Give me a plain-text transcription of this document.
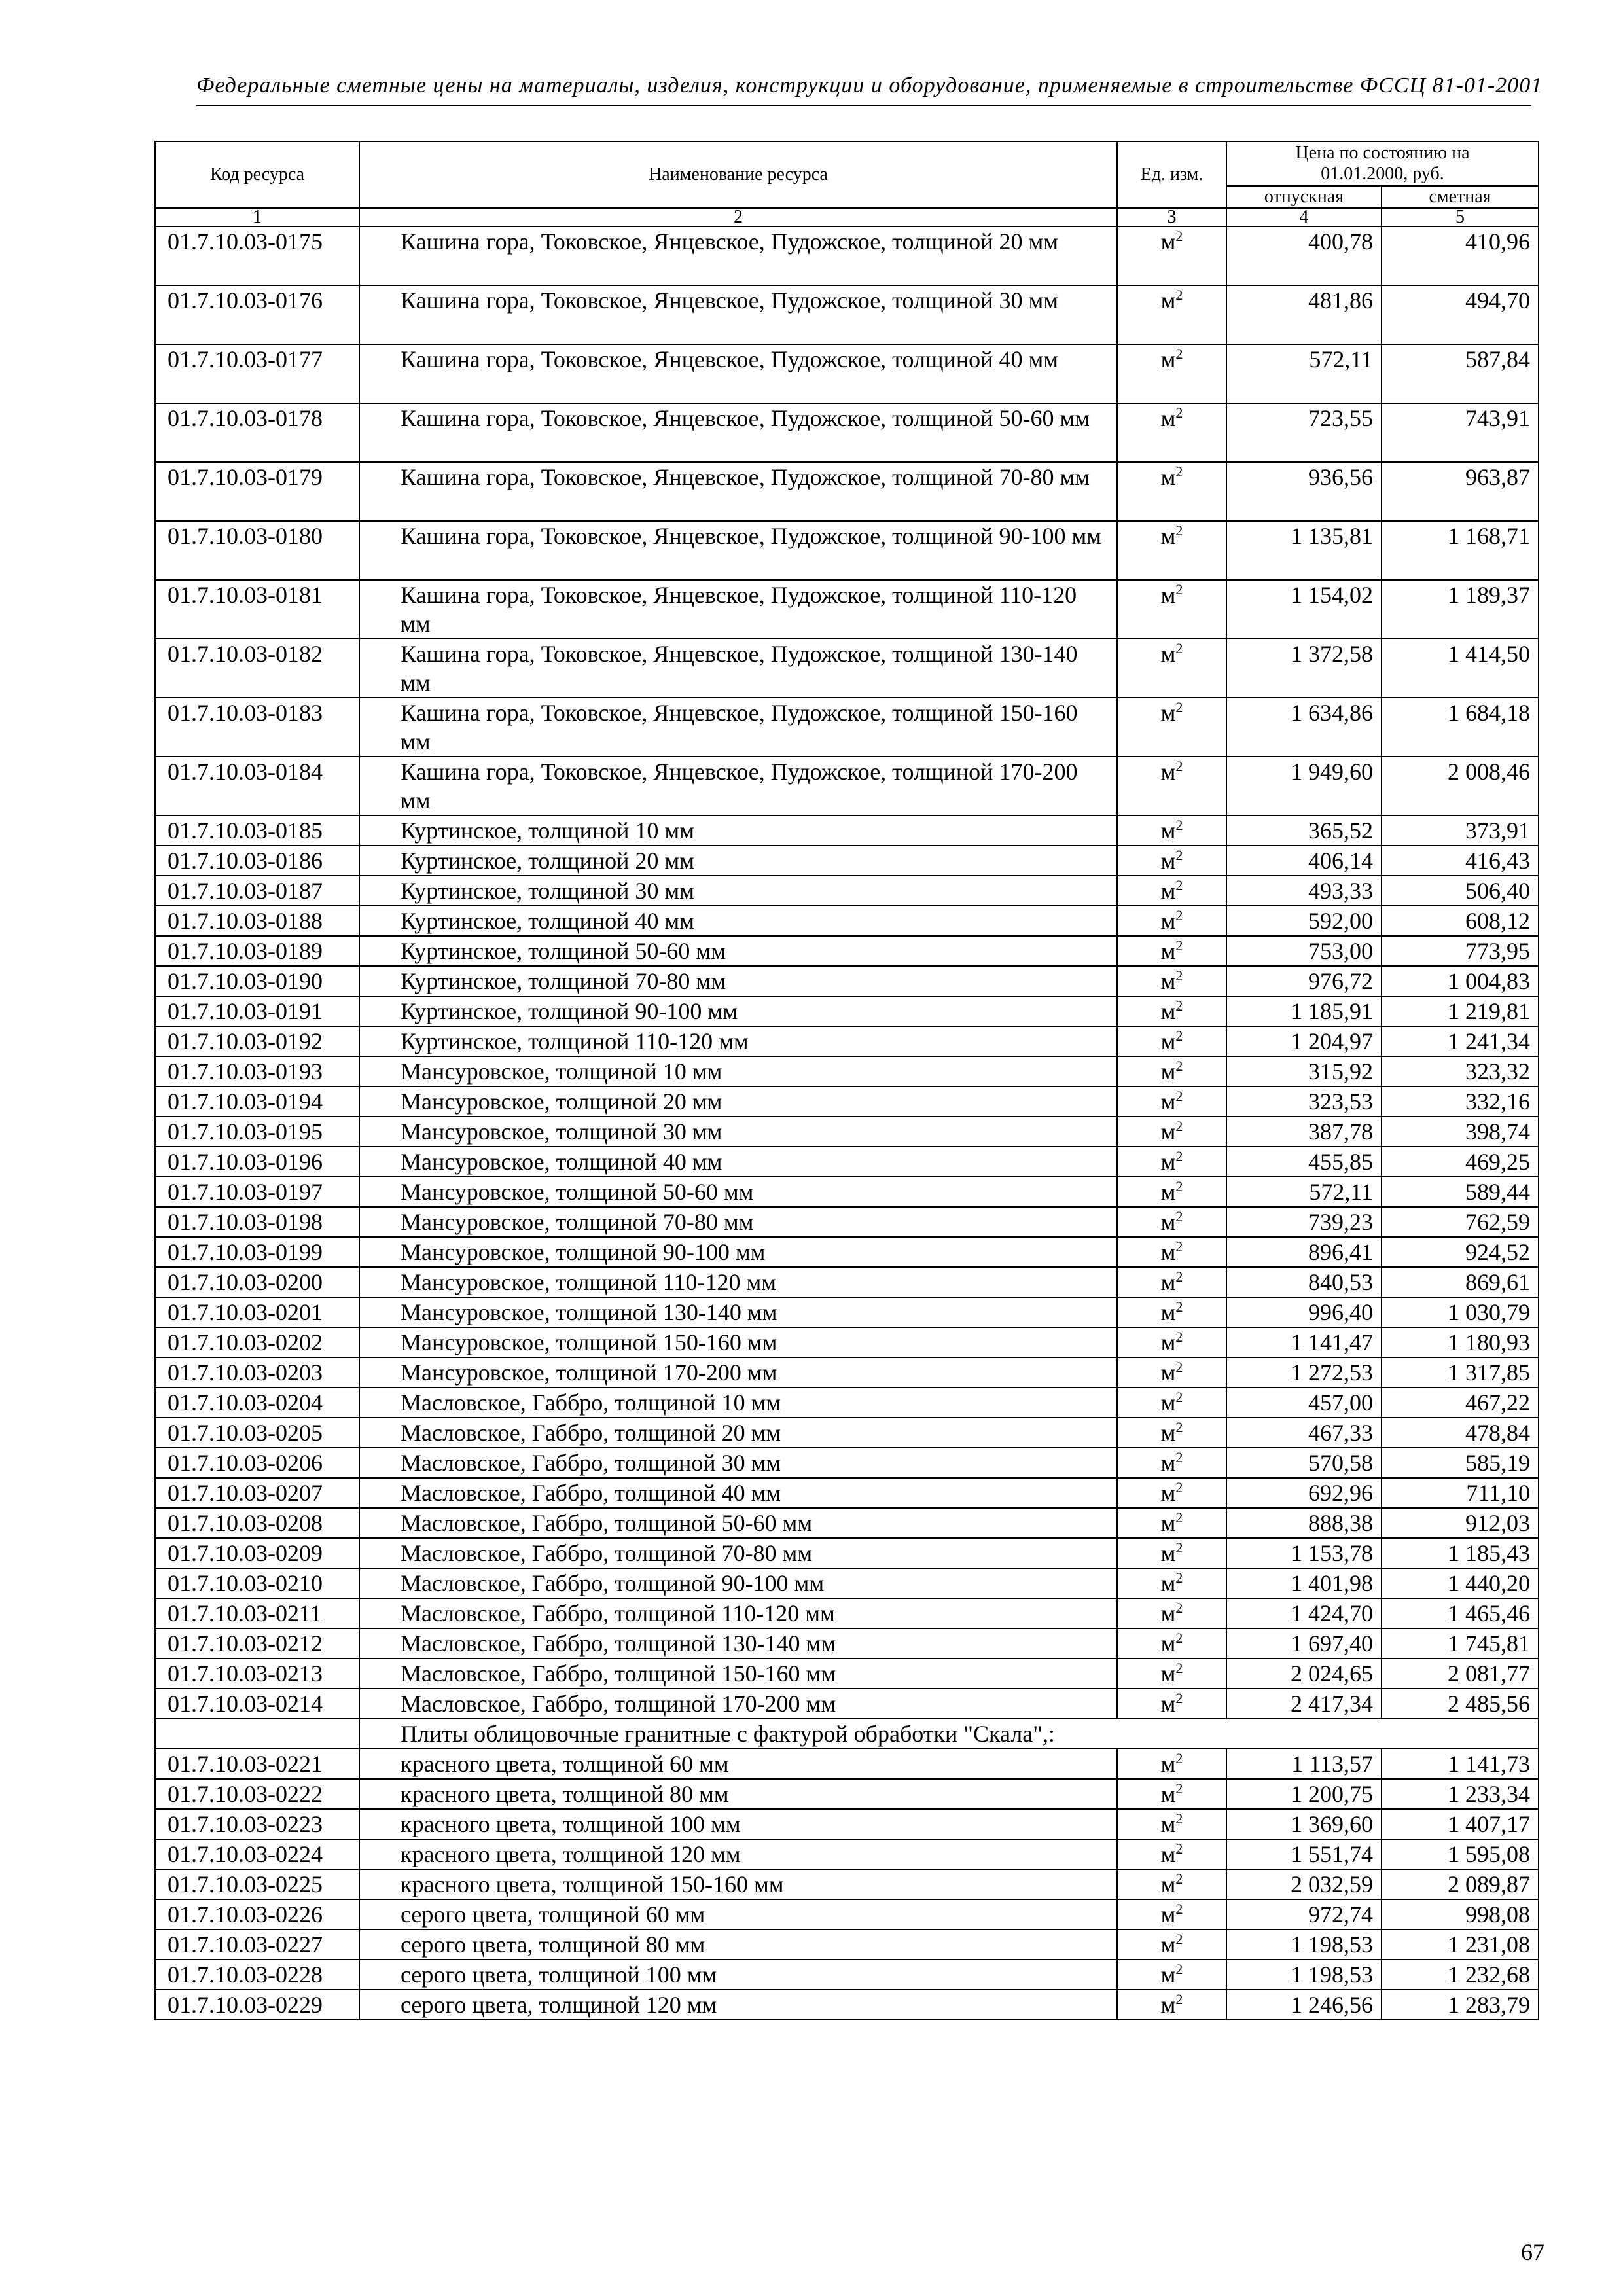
Федеральные сметные цены на материалы, изделия, конструкции и оборудование, применяемые в строительстве ФССЦ 81-01-2001
Код ресурса	Наименование ресурса	Ед. изм.	Цена по состоянию на 01.01.2000, руб.	
			отпускная	сметная
1	2	3	4	5
01.7.10.03-0175	Кашина гора, Токовское, Янцевское, Пудожское, толщиной 20 мм	$м^2$	400,78	410,96
01.7.10.03-0176	Кашина гора, Токовское, Янцевское, Пудожское, толщиной 30 мм	$м^2$	481,86	494,70
01.7.10.03-0177	Кашина гора, Токовское, Янцевское, Пудожское, толщиной 40 мм	$м^2$	572,11	587,84
01.7.10.03-0178	Кашина гора, Токовское, Янцевское, Пудожское, толщиной 50-60 мм	$м^2$	723,55	743,91
01.7.10.03-0179	Кашина гора, Токовское, Янцевское, Пудожское, толщиной 70-80 мм	$м^2$	936,56	963,87
01.7.10.03-0180	Кашина гора, Токовское, Янцевское, Пудожское, толщиной 90-100 мм	$м^2$	1 135,81	1 168,71
01.7.10.03-0181	Кашина гора, Токовское, Янцевское, Пудожское, толщиной 110-120 мм	$м^2$	1 154,02	1 189,37
01.7.10.03-0182	Кашина гора, Токовское, Янцевское, Пудожское, толщиной 130-140 мм	$м^2$	1 372,58	1 414,50
01.7.10.03-0183	Кашина гора, Токовское, Янцевское, Пудожское, толщиной 150-160 мм	$м^2$	1 634,86	1 684,18
01.7.10.03-0184	Кашина гора, Токовское, Янцевское, Пудожское, толщиной 170-200 мм	$м^2$	1 949,60	2 008,46
01.7.10.03-0185	Куртинское, толщиной 10 мм	$м^2$	365,52	373,91
01.7.10.03-0186	Куртинское, толщиной 20 мм	$м^2$	406,14	416,43
01.7.10.03-0187	Куртинское, толщиной 30 мм	$м^2$	493,33	506,40
01.7.10.03-0188	Куртинское, толщиной 40 мм	$м^2$	592,00	608,12
01.7.10.03-0189	Куртинское, толщиной 50-60 мм	$м^2$	753,00	773,95
01.7.10.03-0190	Куртинское, толщиной 70-80 мм	$м^2$	976,72	1 004,83
01.7.10.03-0191	Куртинское, толщиной 90-100 мм	$м^2$	1 185,91	1 219,81
01.7.10.03-0192	Куртинское, толщиной 110-120 мм	$м^2$	1 204,97	1 241,34
01.7.10.03-0193	Мансуровское, толщиной 10 мм	$м^2$	315,92	323,32
01.7.10.03-0194	Мансуровское, толщиной 20 мм	$м^2$	323,53	332,16
01.7.10.03-0195	Мансуровское, толщиной 30 мм	$м^2$	387,78	398,74
01.7.10.03-0196	Мансуровское, толщиной 40 мм	$м^2$	455,85	469,25
01.7.10.03-0197	Мансуровское, толщиной 50-60 мм	$м^2$	572,11	589,44
01.7.10.03-0198	Мансуровское, толщиной 70-80 мм	$м^2$	739,23	762,59
01.7.10.03-0199	Мансуровское, толщиной 90-100 мм	$м^2$	896,41	924,52
01.7.10.03-0200	Мансуровское, толщиной 110-120 мм	$м^2$	840,53	869,61
01.7.10.03-0201	Мансуровское, толщиной 130-140 мм	$м^2$	996,40	1 030,79
01.7.10.03-0202	Мансуровское, толщиной 150-160 мм	$м^2$	1 141,47	1 180,93
01.7.10.03-0203	Мансуровское, толщиной 170-200 мм	$м^2$	1 272,53	1 317,85
01.7.10.03-0204	Масловское, Габбро, толщиной 10 мм	$м^2$	457,00	467,22
01.7.10.03-0205	Масловское, Габбро, толщиной 20 мм	$м^2$	467,33	478,84
01.7.10.03-0206	Масловское, Габбро, толщиной 30 мм	$м^2$	570,58	585,19
01.7.10.03-0207	Масловское, Габбро, толщиной 40 мм	$м^2$	692,96	711,10
01.7.10.03-0208	Масловское, Габбро, толщиной 50-60 мм	$м^2$	888,38	912,03
01.7.10.03-0209	Масловское, Габбро, толщиной 70-80 мм	$м^2$	1 153,78	1 185,43
01.7.10.03-0210	Масловское, Габбро, толщиной 90-100 мм	$м^2$	1 401,98	1 440,20
01.7.10.03-0211	Масловское, Габбро, толщиной 110-120 мм	$м^2$	1 424,70	1 465,46
01.7.10.03-0212	Масловское, Габбро, толщиной 130-140 мм	$м^2$	1 697,40	1 745,81
01.7.10.03-0213	Масловское, Габбро, толщиной 150-160 мм	$м^2$	2 024,65	2 081,77
01.7.10.03-0214	Масловское, Габбро, толщиной 170-200 мм	$м^2$	2 417,34	2 485,56
	Плиты облицовочные гранитные с фактурой обработки "Скала",:			
01.7.10.03-0221	красного цвета, толщиной 60 мм	$м^2$	1 113,57	1 141,73
01.7.10.03-0222	красного цвета, толщиной 80 мм	$м^2$	1 200,75	1 233,34
01.7.10.03-0223	красного цвета, толщиной 100 мм	$м^2$	1 369,60	1 407,17
01.7.10.03-0224	красного цвета, толщиной 120 мм	$м^2$	1 551,74	1 595,08
01.7.10.03-0225	красного цвета, толщиной 150-160 мм	$м^2$	2 032,59	2 089,87
01.7.10.03-0226	серого цвета, толщиной 60 мм	$м^2$	972,74	998,08
01.7.10.03-0227	серого цвета, толщиной 80 мм	$м^2$	1 198,53	1 231,08
01.7.10.03-0228	серого цвета, толщиной 100 мм	$м^2$	1 198,53	1 232,68
01.7.10.03-0229	серого цвета, толщиной 120 мм	$м^2$	1 246,56	1 283,79
67
